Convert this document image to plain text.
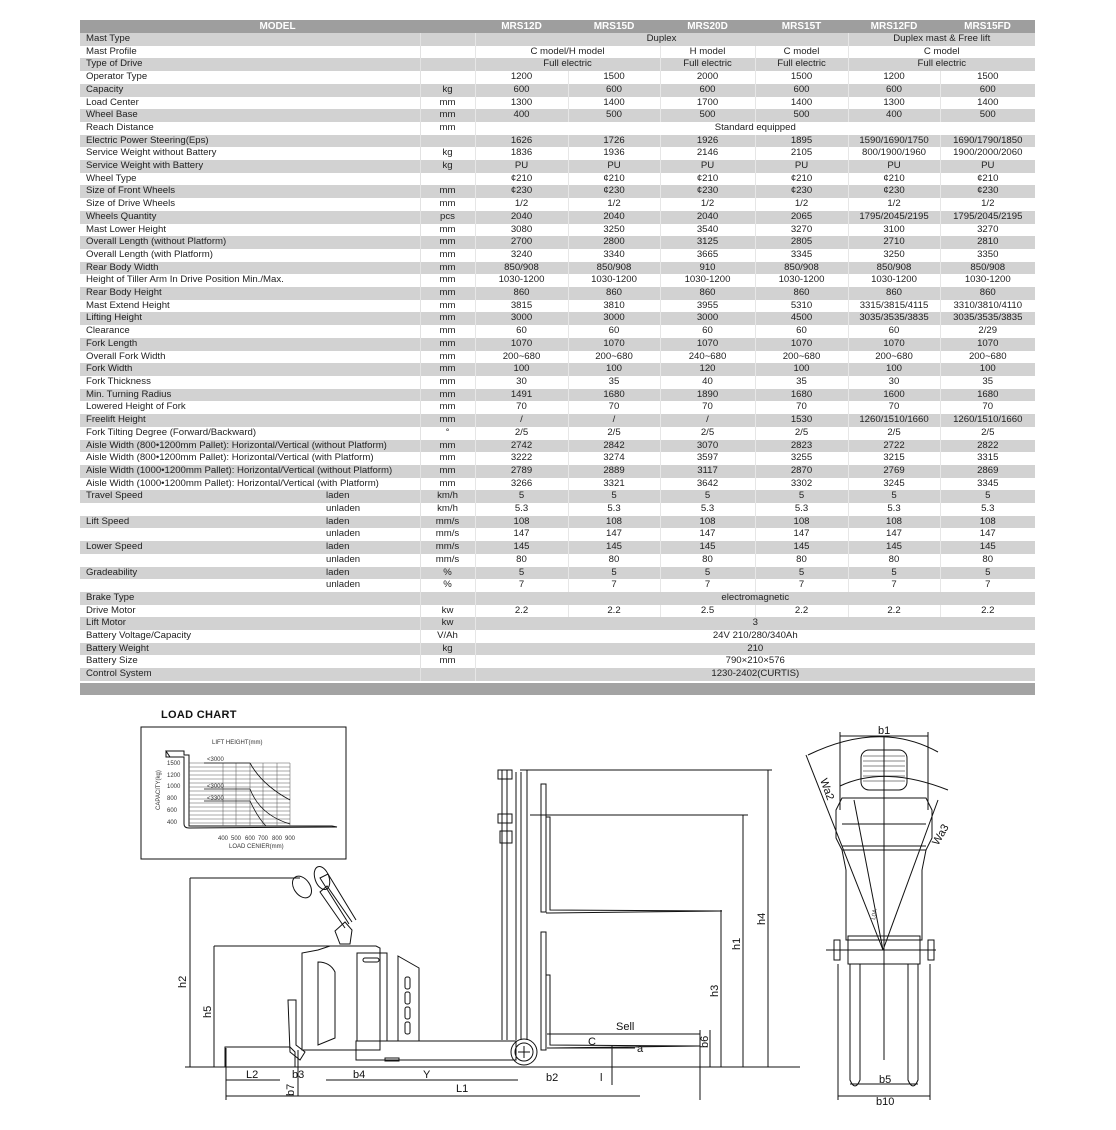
MODEL			MRS12D	MRS15D	MRS20D	MRS15T	MRS12FD	MRS15FD
Mast Type			Duplex				Duplex mast & Free lift	
Mast Profile			C model/H model		H model	C model	C model	
Type of Drive			Full electric		Full electric	Full electric	Full electric	
Operator Type			1200	1500	2000	1500	1200	1500
Capacity		kg	600	600	600	600	600	600
Load Center		mm	1300	1400	1700	1400	1300	1400
Wheel Base		mm	400	500	500	500	400	500
Reach Distance		mm	Standard equipped					
Electric Power Steering(Eps)			1626	1726	1926	1895	1590/1690/1750	1690/1790/1850
Service Weight without Battery		kg	1836	1936	2146	2105	800/1900/1960	1900/2000/2060
Service Weight with Battery		kg	PU	PU	PU	PU	PU	PU
Wheel Type			¢210	¢210	¢210	¢210	¢210	¢210
Size of Front Wheels		mm	¢230	¢230	¢230	¢230	¢230	¢230
Size of Drive Wheels		mm	1/2	1/2	1/2	1/2	1/2	1/2
Wheels Quantity		pcs	2040	2040	2040	2065	1795/2045/2195	1795/2045/2195
Mast Lower Height		mm	3080	3250	3540	3270	3100	3270
Overall Length (without Platform)		mm	2700	2800	3125	2805	2710	2810
Overall Length (with Platform)		mm	3240	3340	3665	3345	3250	3350
Rear Body Width		mm	850/908	850/908	910	850/908	850/908	850/908
Height of Tiller Arm In Drive Position Min./Max.		mm	1030-1200	1030-1200	1030-1200	1030-1200	1030-1200	1030-1200
Rear Body Height		mm	860	860	860	860	860	860
Mast Extend Height		mm	3815	3810	3955	5310	3315/3815/4115	3310/3810/4110
Lifting Height		mm	3000	3000	3000	4500	3035/3535/3835	3035/3535/3835
Clearance		mm	60	60	60	60	60	2/29
Fork Length		mm	1070	1070	1070	1070	1070	1070
Overall Fork Width		mm	200~680	200~680	240~680	200~680	200~680	200~680
Fork Width		mm	100	100	120	100	100	100
Fork Thickness		mm	30	35	40	35	30	35
Min. Turning Radius		mm	1491	1680	1890	1680	1600	1680
Lowered Height of Fork		mm	70	70	70	70	70	70
Freelift Height		mm	/	/	/	1530	1260/1510/1660	1260/1510/1660
Fork Tilting Degree (Forward/Backward)		°	2/5	2/5	2/5	2/5	2/5	2/5
Aisle Width (800•1200mm Pallet): Horizontal/Vertical (without Platform)		mm	2742	2842	3070	2823	2722	2822
Aisle Width (800•1200mm Pallet): Horizontal/Vertical (with Platform)		mm	3222	3274	3597	3255	3215	3315
Aisle Width (1000•1200mm Pallet): Horizontal/Vertical (without Platform)		mm	2789	2889	3117	2870	2769	2869
Aisle Width (1000•1200mm Pallet): Horizontal/Vertical (with Platform)		mm	3266	3321	3642	3302	3245	3345
Travel Speed	laden	km/h	5	5	5	5	5	5
	unladen	km/h	5.3	5.3	5.3	5.3	5.3	5.3
Lift Speed	laden	mm/s	108	108	108	108	108	108
	unladen	mm/s	147	147	147	147	147	147
Lower Speed	laden	mm/s	145	145	145	145	145	145
	unladen	mm/s	80	80	80	80	80	80
Gradeability	laden	%	5	5	5	5	5	5
	unladen	%	7	7	7	7	7	7
Brake Type			electromagnetic					
Drive Motor		kw	2.2	2.2	2.5	2.2	2.2	2.2
Lift Motor		kw	3					
Battery Voltage/Capacity		V/Ah	24V 210/280/340Ah					
Battery Weight		kg	210					
Battery Size		mm	790×210×576					
Control System			1230-2402(CURTIS)					
LOAD CHART
LIFT HEIGHT(mm)
CAPACITY(kg)
LOAD CENIER(mm)
1500
1200
1000
800
600
400
400 500 600 700 800 900
<3000
<3000
<3300
h2
h5
L2	b3
b7
b4	Y
L1
b2
h4
h1
h3
Sell
C	b6
a
l
b1
Wa2
Wa3
L0A
b5
b10
